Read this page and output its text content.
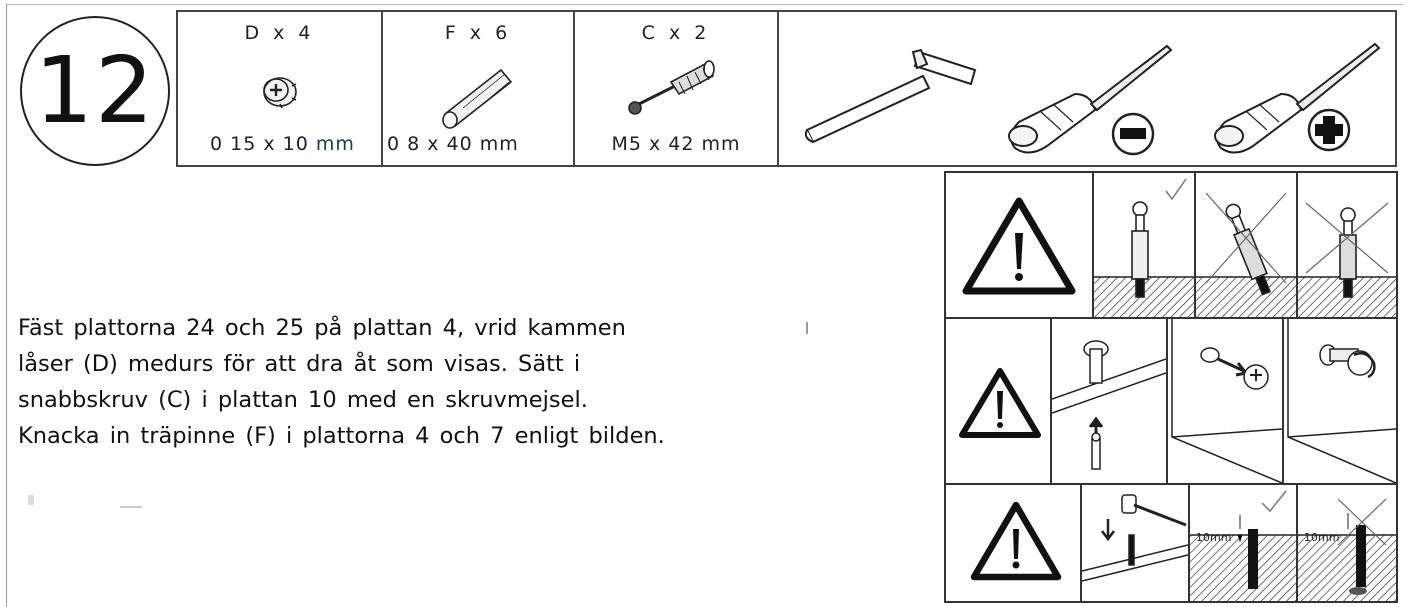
12
D x 4
0 15 x 10 mm
F x 6
0 8 x 40 mm
C x 2
M5 x 42 mm
Fäst plattorna 24 och 25 på plattan 4, vrid kammen
låser (D) medurs för att dra åt som visas. Sätt i
snabbskruv (C) i plattan 10 med en skruvmejsel.
Knacka in träpinne (F) i plattorna 4 och 7 enligt bilden.
10mm	10mm
